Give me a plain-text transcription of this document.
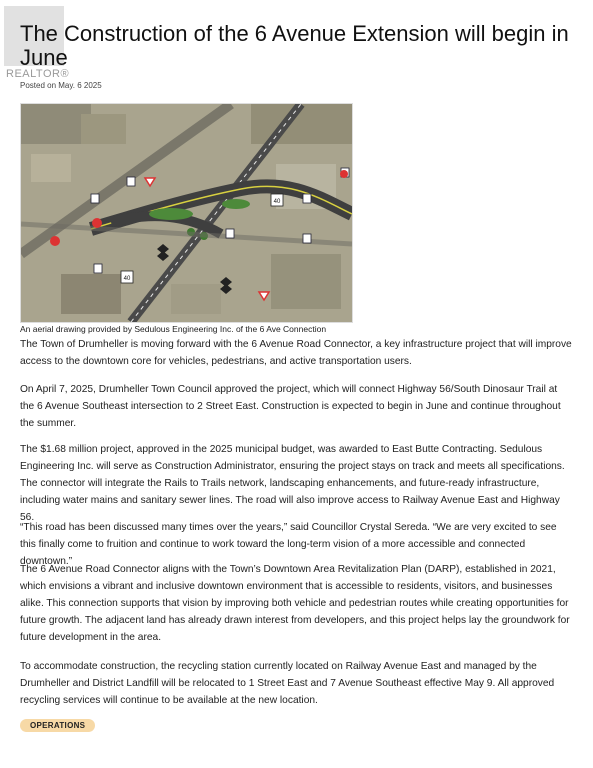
REALTOR®
The Construction of the 6 Avenue Extension will begin in June
Posted on May. 6 2025
40
40
An aerial drawing provided by Sedulous Engineering Inc. of the 6 Ave Connection

The Town of Drumheller is moving forward with the 6 Avenue Road Connector, a key infrastructure project that will improve access to the downtown core for vehicles, pedestrians, and active transportation users.

On April 7, 2025, Drumheller Town Council approved the project, which will connect Highway 56/South Dinosaur Trail at the 6 Avenue Southeast intersection to 2 Street East. Construction is expected to begin in June and continue throughout the summer.

The $1.68 million project, approved in the 2025 municipal budget, was awarded to East Butte Contracting. Sedulous Engineering Inc. will serve as Construction Administrator, ensuring the project stays on track and meets all specifications. The connector will integrate the Rails to Trails network, landscaping enhancements, and future-ready infrastructure, including water mains and sanitary sewer lines. The road will also improve access to Railway Avenue East and Highway 56.

“This road has been discussed many times over the years,” said Councillor Crystal Sereda. “We are very excited to see this finally come to fruition and continue to work toward the long-term vision of a more accessible and connected downtown.”

The 6 Avenue Road Connector aligns with the Town’s Downtown Area Revitalization Plan (DARP), established in 2021, which envisions a vibrant and inclusive downtown environment that is accessible to residents, visitors, and businesses alike. This connection supports that vision by improving both vehicle and pedestrian routes while creating opportunities for future growth. The adjacent land has already drawn interest from developers, and this project helps lay the groundwork for future development in the area.

To accommodate construction, the recycling station currently located on Railway Avenue East and managed by the Drumheller and District Landfill will be relocated to 1 Street East and 7 Avenue Southeast effective May 9. All approved recycling services will continue to be available at the new location.

OPERATIONS
